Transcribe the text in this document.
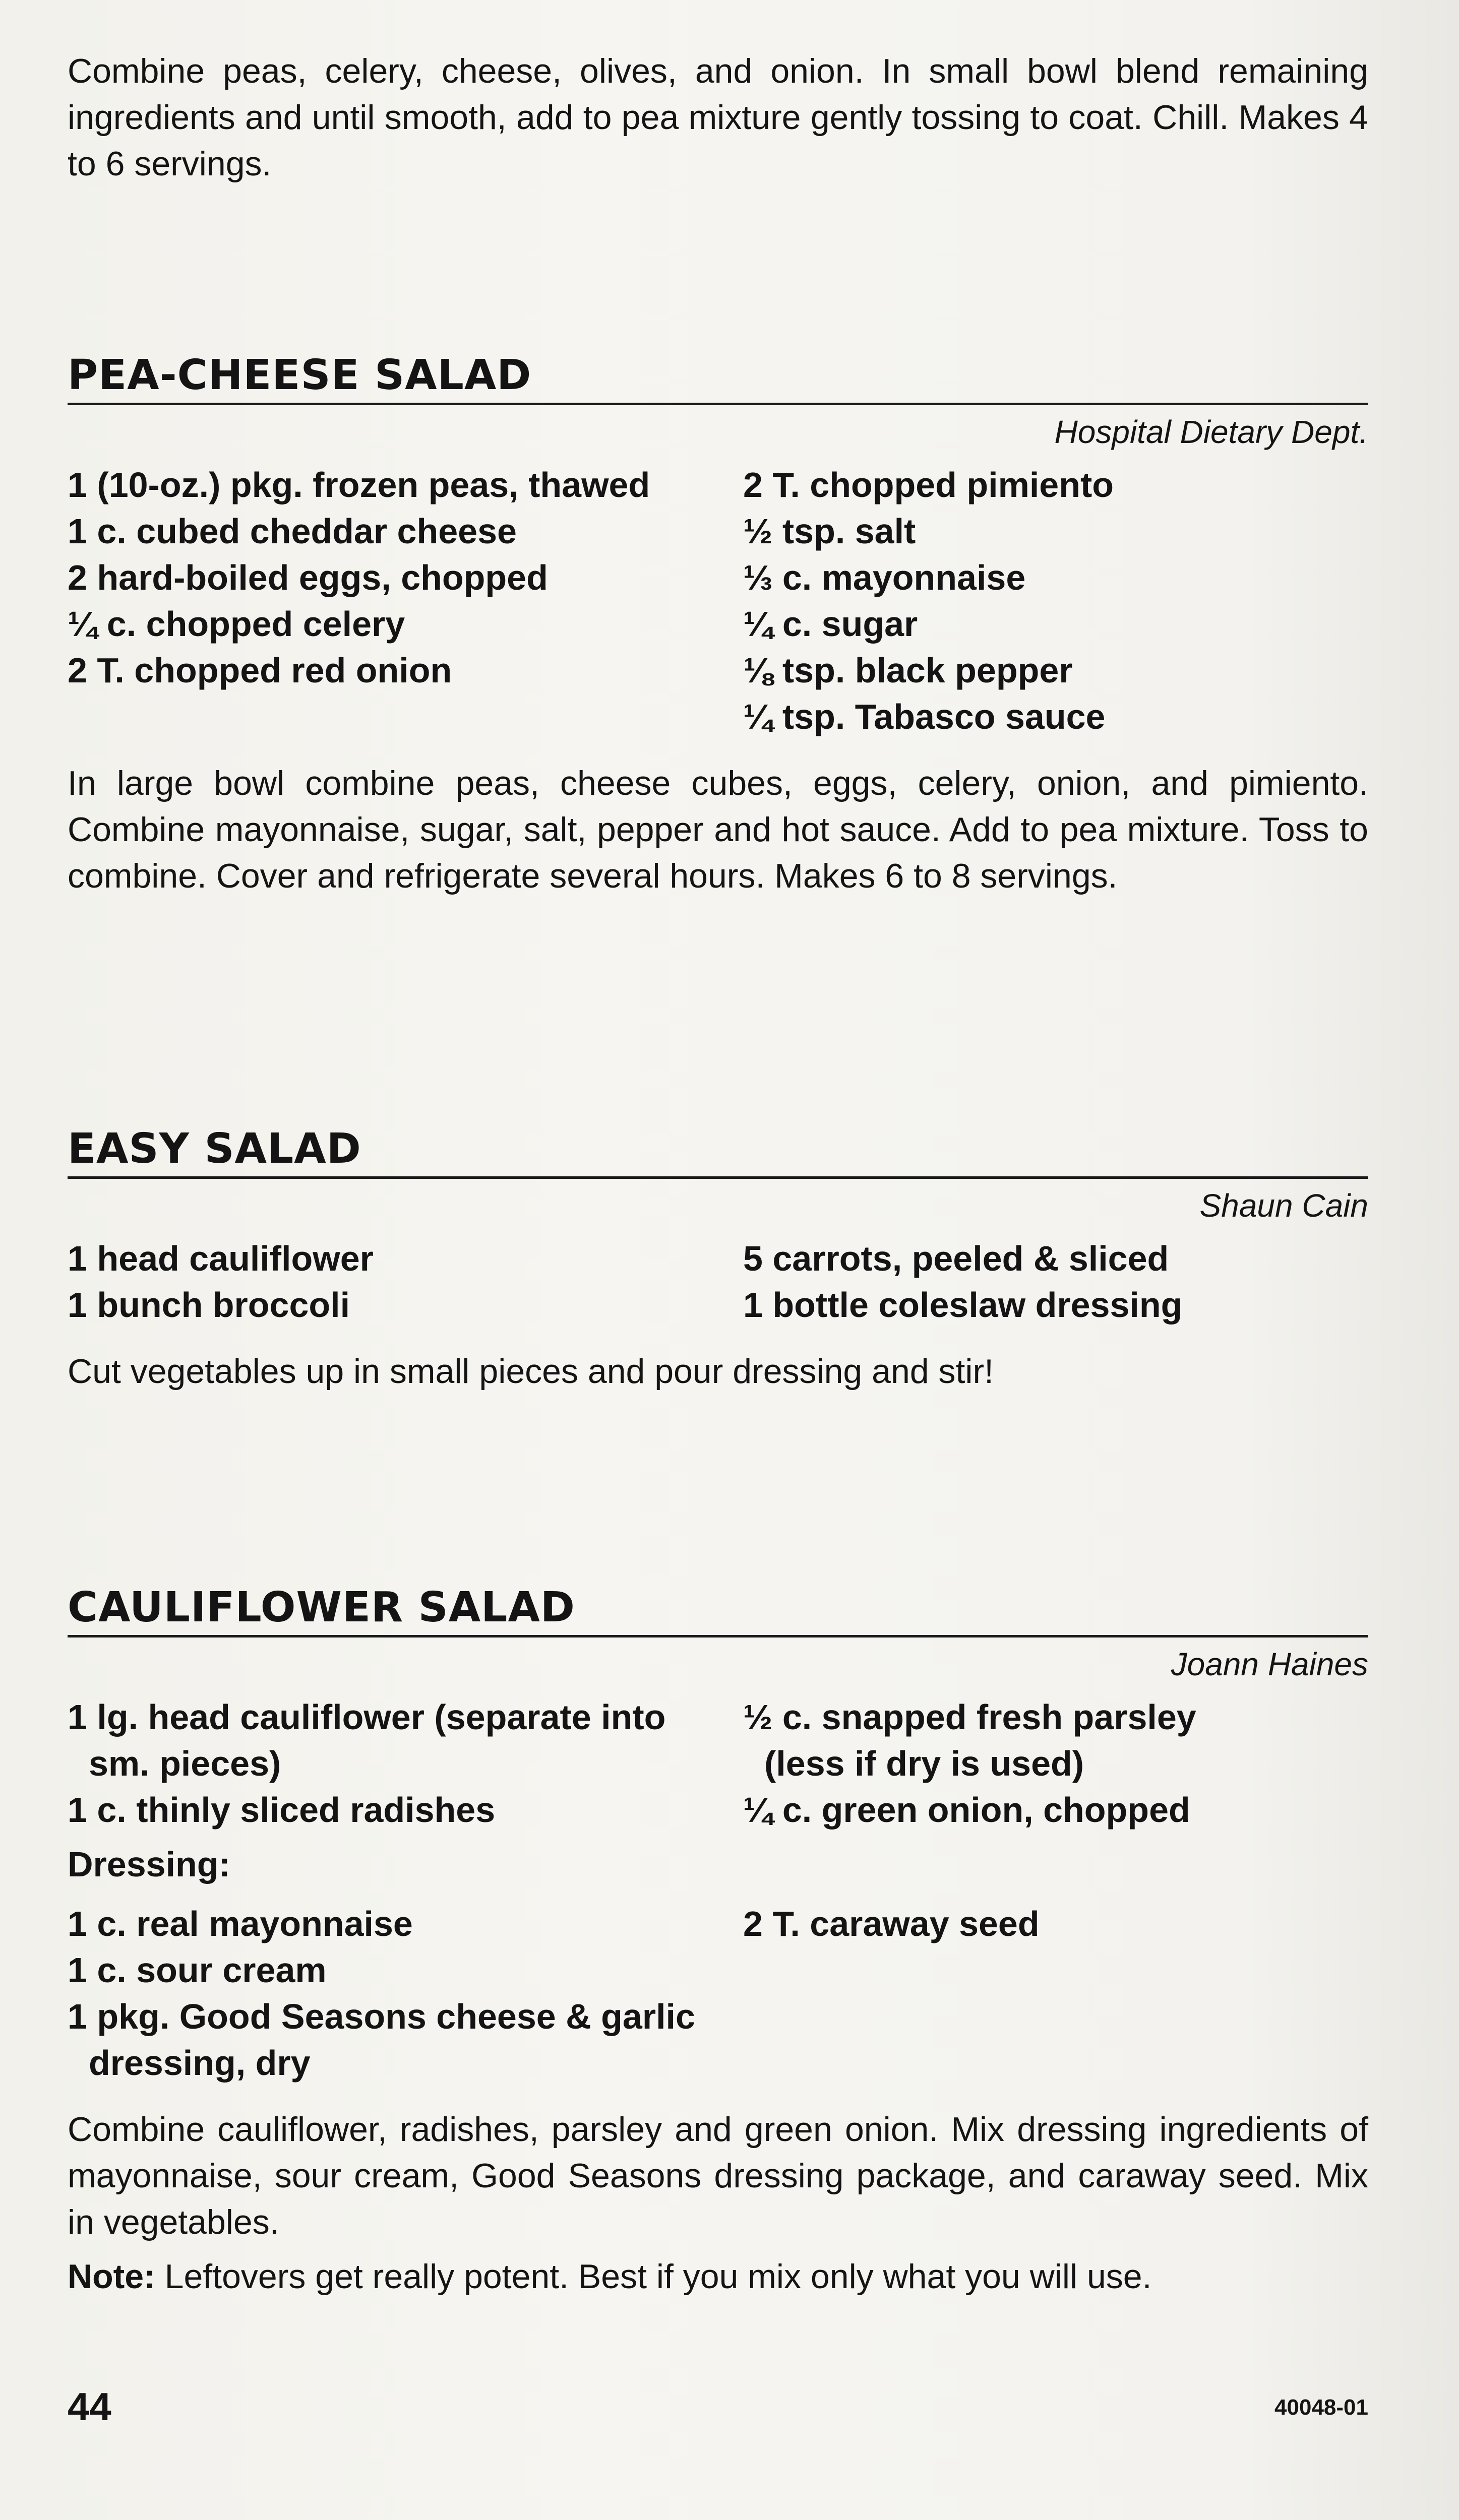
Combine peas, celery, cheese, olives, and onion. In small bowl blend remaining ingredients and until smooth, add to pea mixture gently tossing to coat. Chill. Makes 4 to 6 servings.

PEA-CHEESE SALAD
Hospital Dietary Dept.
1 (10-oz.) pkg. frozen peas, thawed
1 c. cubed cheddar cheese
2 hard-boiled eggs, chopped
¼ c. chopped celery
2 T. chopped red onion
2 T. chopped pimiento
½ tsp. salt
⅓ c. mayonnaise
¼ c. sugar
⅛ tsp. black pepper
¼ tsp. Tabasco sauce

In large bowl combine peas, cheese cubes, eggs, celery, onion, and pimiento. Combine mayonnaise, sugar, salt, pepper and hot sauce. Add to pea mixture. Toss to combine. Cover and refrigerate several hours. Makes 6 to 8 servings.

EASY SALAD
Shaun Cain
1 head cauliflower
1 bunch broccoli
5 carrots, peeled & sliced
1 bottle coleslaw dressing

Cut vegetables up in small pieces and pour dressing and stir!

CAULIFLOWER SALAD
Joann Haines
1 lg. head cauliflower (separate into sm. pieces)
1 c. thinly sliced radishes
½ c. snapped fresh parsley (less if dry is used)
¼ c. green onion, chopped
Dressing:
1 c. real mayonnaise
1 c. sour cream
1 pkg. Good Seasons cheese & garlic dressing, dry
2 T. caraway seed

Combine cauliflower, radishes, parsley and green onion. Mix dressing ingredients of mayonnaise, sour cream, Good Seasons dressing package, and caraway seed. Mix in vegetables.

Note: Leftovers get really potent. Best if you mix only what you will use.

44	40048-01
